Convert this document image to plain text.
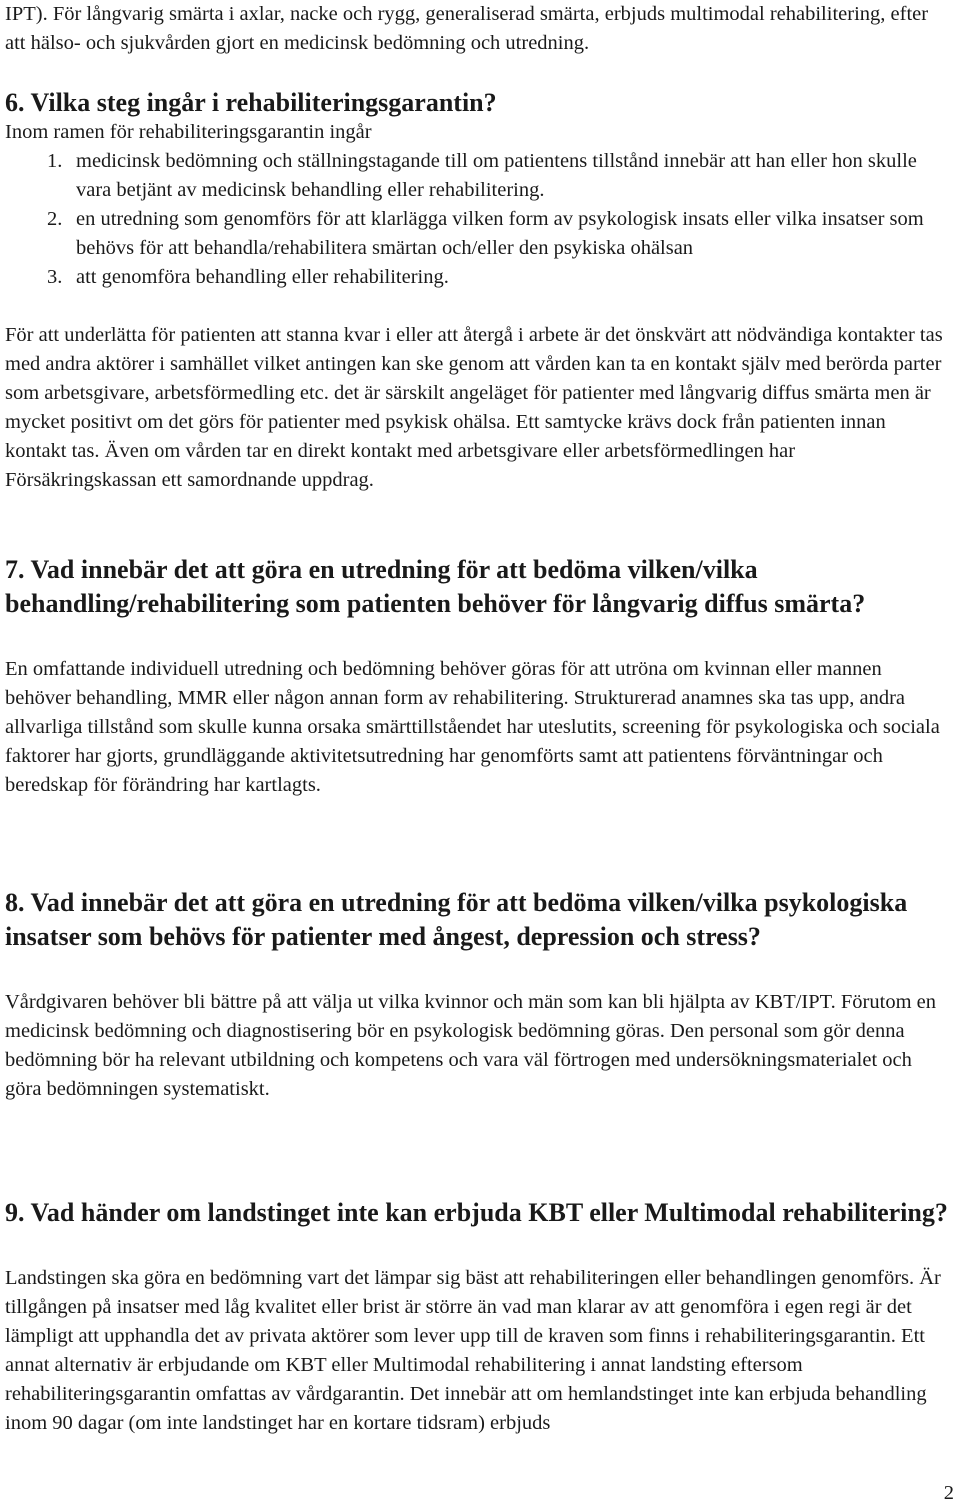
IPT). För långvarig smärta i axlar, nacke och rygg, generaliserad smärta, erbjuds multimodal rehabilitering, efter att hälso- och sjukvården gjort en medicinsk bedömning och utredning.

6. Vilka steg ingår i rehabiliteringsgarantin?

Inom ramen för rehabiliteringsgarantin ingår

1. medicinsk bedömning och ställningstagande till om patientens tillstånd innebär att han eller hon skulle vara betjänt av medicinsk behandling eller rehabilitering.
2. en utredning som genomförs för att klarlägga vilken form av psykologisk insats eller vilka insatser som behövs för att behandla/rehabilitera smärtan och/eller den psykiska ohälsan
3. att genomföra behandling eller rehabilitering.

För att underlätta för patienten att stanna kvar i eller att återgå i arbete är det önskvärt att nödvändiga kontakter tas med andra aktörer i samhället vilket antingen kan ske genom att vården kan ta en kontakt själv med berörda parter som arbetsgivare, arbetsförmedling etc. det är särskilt angeläget för patienter med långvarig diffus smärta men är mycket positivt om det görs för patienter med psykisk ohälsa. Ett samtycke krävs dock från patienten innan kontakt tas. Även om vården tar en direkt kontakt med arbetsgivare eller arbetsförmedlingen har Försäkringskassan ett samordnande uppdrag.

7. Vad innebär det att göra en utredning för att bedöma vilken/vilka behandling/rehabilitering som patienten behöver för långvarig diffus smärta?

En omfattande individuell utredning och bedömning behöver göras för att utröna om kvinnan eller mannen behöver behandling, MMR eller någon annan form av rehabilitering. Strukturerad anamnes ska tas upp, andra allvarliga tillstånd som skulle kunna orsaka smärttillståendet har uteslutits, screening för psykologiska och sociala faktorer har gjorts, grundläggande aktivitetsutredning har genomförts samt att patientens förväntningar och beredskap för förändring har kartlagts.

8. Vad innebär det att göra en utredning för att bedöma vilken/vilka psykologiska insatser som behövs för patienter med ångest, depression och stress?

Vårdgivaren behöver bli bättre på att välja ut vilka kvinnor och män som kan bli hjälpta av KBT/IPT. Förutom en medicinsk bedömning och diagnostisering bör en psykologisk bedömning göras. Den personal som gör denna bedömning bör ha relevant utbildning och kompetens och vara väl förtrogen med undersökningsmaterialet och göra bedömningen systematiskt.

9. Vad händer om landstinget inte kan erbjuda KBT eller Multimodal rehabilitering?

Landstingen ska göra en bedömning vart det lämpar sig bäst att rehabiliteringen eller behandlingen genomförs. Är tillgången på insatser med låg kvalitet eller brist är större än vad man klarar av att genomföra i egen regi är det lämpligt att upphandla det av privata aktörer som lever upp till de kraven som finns i rehabiliteringsgarantin. Ett annat alternativ är erbjudande om KBT eller Multimodal rehabilitering i annat landsting eftersom rehabiliteringsgarantin omfattas av vårdgarantin. Det innebär att om hemlandstinget inte kan erbjuda behandling inom 90 dagar (om inte landstinget har en kortare tidsram) erbjuds

2
